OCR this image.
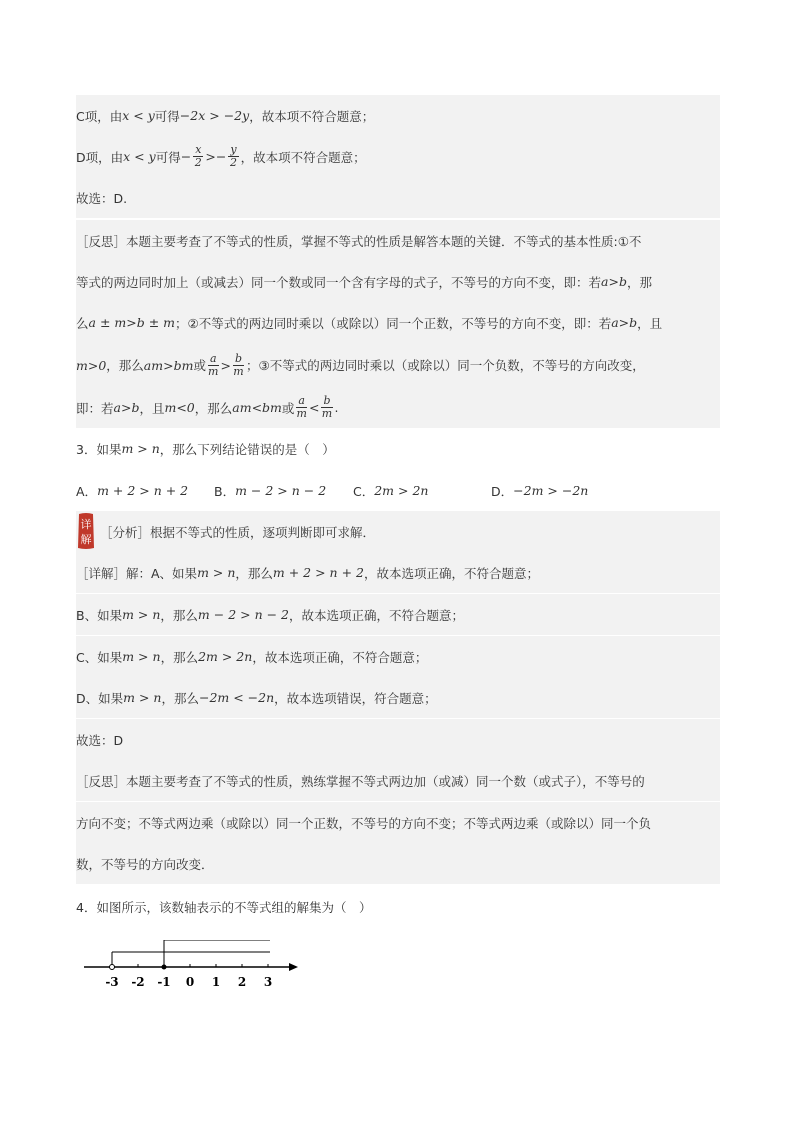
C项，由 x < y 可得 −2x > −2y ，故本项不符合题意；
D项，由 x < y 可得 − $\frac{x}{2}$ > − $\frac{y}{2}$ ，故本项不符合题意；
故选：D.
［反思］本题主要考查了不等式的性质，掌握不等式的性质是解答本题的关键．不等式的基本性质:①不
等式的两边同时加上（或减去）同一个数或同一个含有字母的式子，不等号的方向不变，即：若 a>b ，那
么 a ± m>b ± m ；②不等式的两边同时乘以（或除以）同一个正数，不等号的方向不变，即：若 a>b ，且
m>0 ，那么 am>bm 或 $\frac{a}{m} > \frac{b}{m}$ ；③不等式的两边同时乘以（或除以）同一个负数，不等号的方向改变，
即：若 a>b ，且 m<0 ，那么 am<bm 或 $\frac{a}{m} < \frac{b}{m}$ .
3．如果 m > n ，那么下列结论错误的是（　）
A． m + 2 > n + 2 B． m − 2 > n − 2 C． 2m > 2n	D． −2m > −2n
［分析］根据不等式的性质，逐项判断即可求解．
详
解
［详解］解：A、如果 m > n ，那么 m + 2 > n + 2 ，故本选项正确，不符合题意；
B、如果 m > n ，那么 m − 2 > n − 2 ，故本选项正确，不符合题意；
C、如果 m > n ，那么 2m > 2n ，故本选项正确，不符合题意；
D、如果 m > n ，那么 −2m < −2n ，故本选项错误，符合题意；
故选：D
［反思］本题主要考查了不等式的性质，熟练掌握不等式两边加（或减）同一个数（或式子），不等号的
方向不变；不等式两边乘（或除以）同一个正数，不等号的方向不变；不等式两边乘（或除以）同一个负
数，不等号的方向改变．
4．如图所示，该数轴表示的不等式组的解集为（　）
-3 -2 -1 0 1 2 3
